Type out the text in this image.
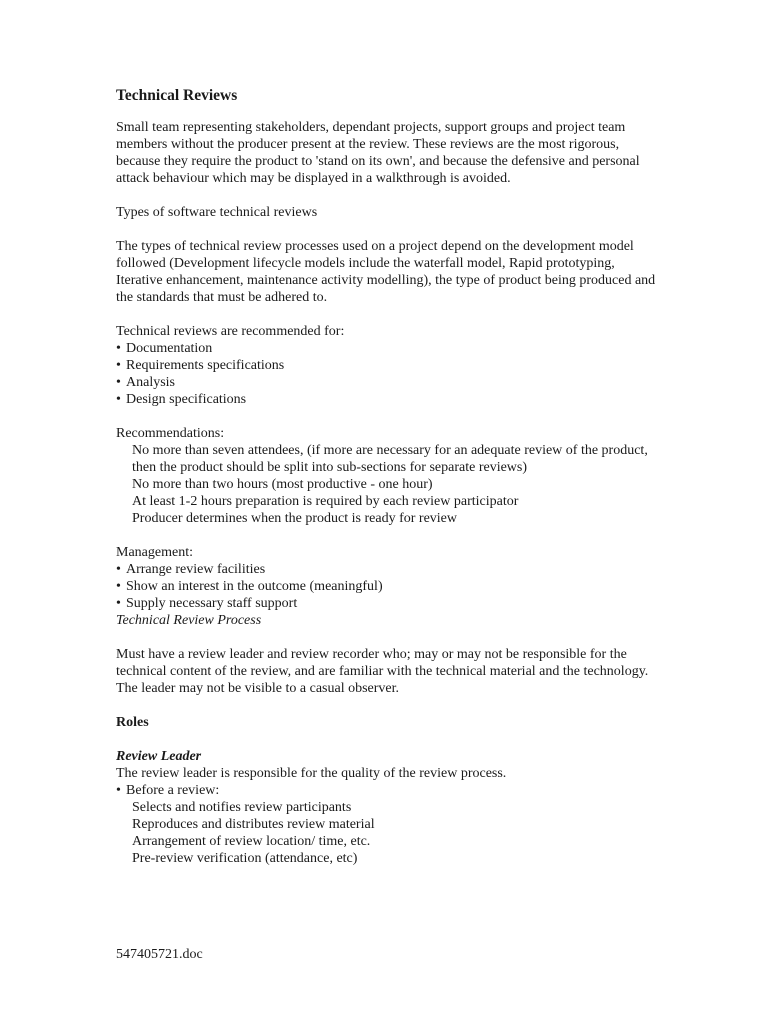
Technical Reviews

Small team representing stakeholders, dependant projects, support groups and project team members without the producer present at the review. These reviews are the most rigorous, because they require the product to 'stand on its own', and because the defensive and personal attack behaviour which may be displayed in a walkthrough is avoided.

Types of software technical reviews

The types of technical review processes used on a project depend on the development model followed (Development lifecycle models include the waterfall model, Rapid prototyping, Iterative enhancement, maintenance activity modelling), the type of product being produced and the standards that must be adhered to.

Technical reviews are recommended for:

• Documentation

• Requirements specifications

• Analysis

• Design specifications

Recommendations:

No more than seven attendees, (if more are necessary for an adequate review of the product, then the product should be split into sub-sections for separate reviews)

No more than two hours (most productive - one hour)

At least 1-2 hours preparation is required by each review participator

Producer determines when the product is ready for review

Management:

• Arrange review facilities

• Show an interest in the outcome (meaningful)

• Supply necessary staff support

Technical Review Process

Must have a review leader and review recorder who; may or may not be responsible for the technical content of the review, and are familiar with the technical material and the technology.

The leader may not be visible to a casual observer.

Roles

Review Leader

The review leader is responsible for the quality of the review process.

• Before a review:

Selects and notifies review participants

Reproduces and distributes review material

Arrangement of review location/ time, etc.

Pre-review verification (attendance, etc)

547405721.doc
